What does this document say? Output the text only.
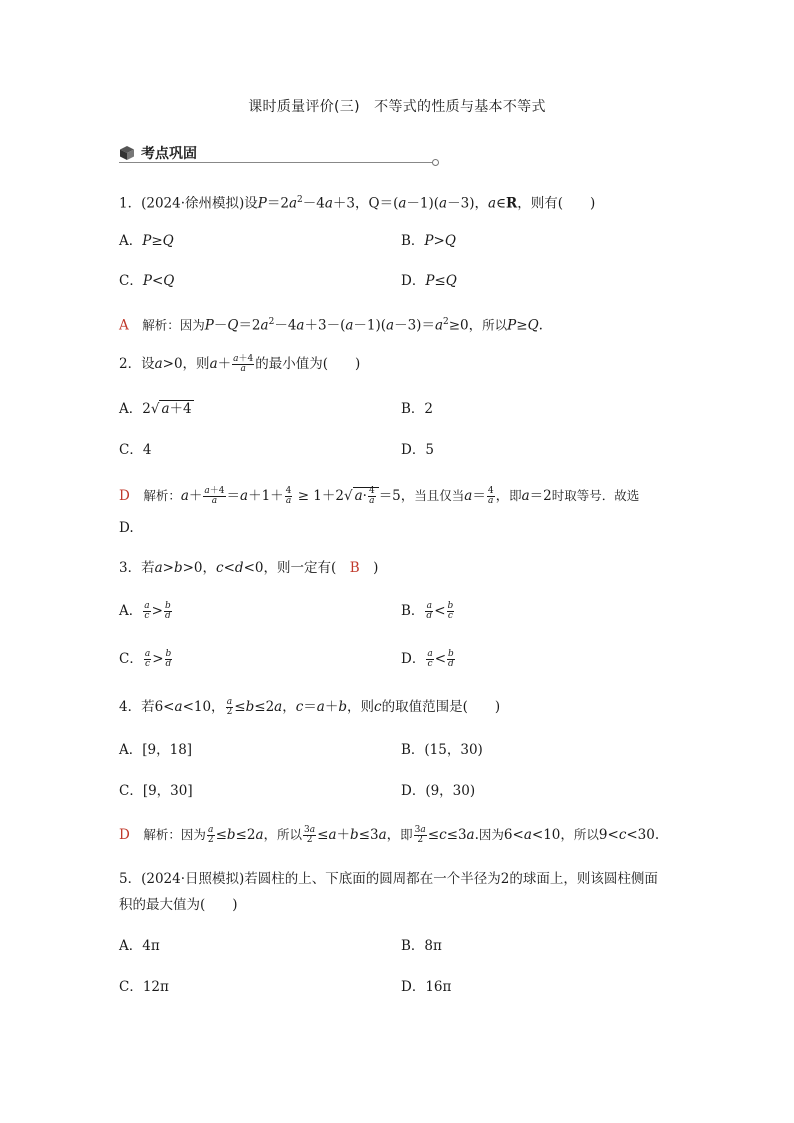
课时质量评价(三)　不等式的性质与基本不等式
考点巩固
1．(2024·徐州模拟)设$P=2a^2-4a+3$，Q＝(a－1)(a－3)，a∈R，则有(　　)
A．P≥Q	B．P>Q
C．P<Q	D．P≤Q
A　 解析：因为$P-Q=2a^2-4a+3-(a-1)(a-3)=a^2\ge 0$，所以P≥Q.
2．设a>0，则$a+ \frac{a+4}{a}$ 的最小值为(　　)
A．2√ a＋4	B．2
C．4	D．5
D　 解析：$a+ \frac{a+4}{a} =a+1+ \frac{4}{a} \ge 1+2√$ $a\cdot \frac{4}{a} =5$，当且仅当$a= \frac{4}{a}$ ，即a＝2时取等号．故选
D.
3．若a>b>0，c<d<0，则一定有(　B　)
A． $\frac{a}{c} > \frac{b}{d}$	B． $\frac{a}{d} < \frac{b}{c}$
C． $\frac{a}{c} > \frac{b}{d}$	D． $\frac{a}{c} < \frac{b}{d}$
4．若6<a<10， $\frac{a}{2} \le b\le 2a$，c＝a＋b，则c的取值范围是(　　)
A．[9，18]	B．(15，30)
C．[9，30]	D．(9，30)
D　 解析：因为 $\frac{a}{2} \le b\le 2a$，所以 $\frac{3a}{2} \le a+b\le 3a$，即 $\frac{3a}{2} \le c\le 3a$.因为6<a<10，所以9<c<30.
5．(2024·日照模拟)若圆柱的上、下底面的圆周都在一个半径为2的球面上，则该圆柱侧面
积的最大值为(　　)
A．4π	B．8π
C．12π	D．16π
